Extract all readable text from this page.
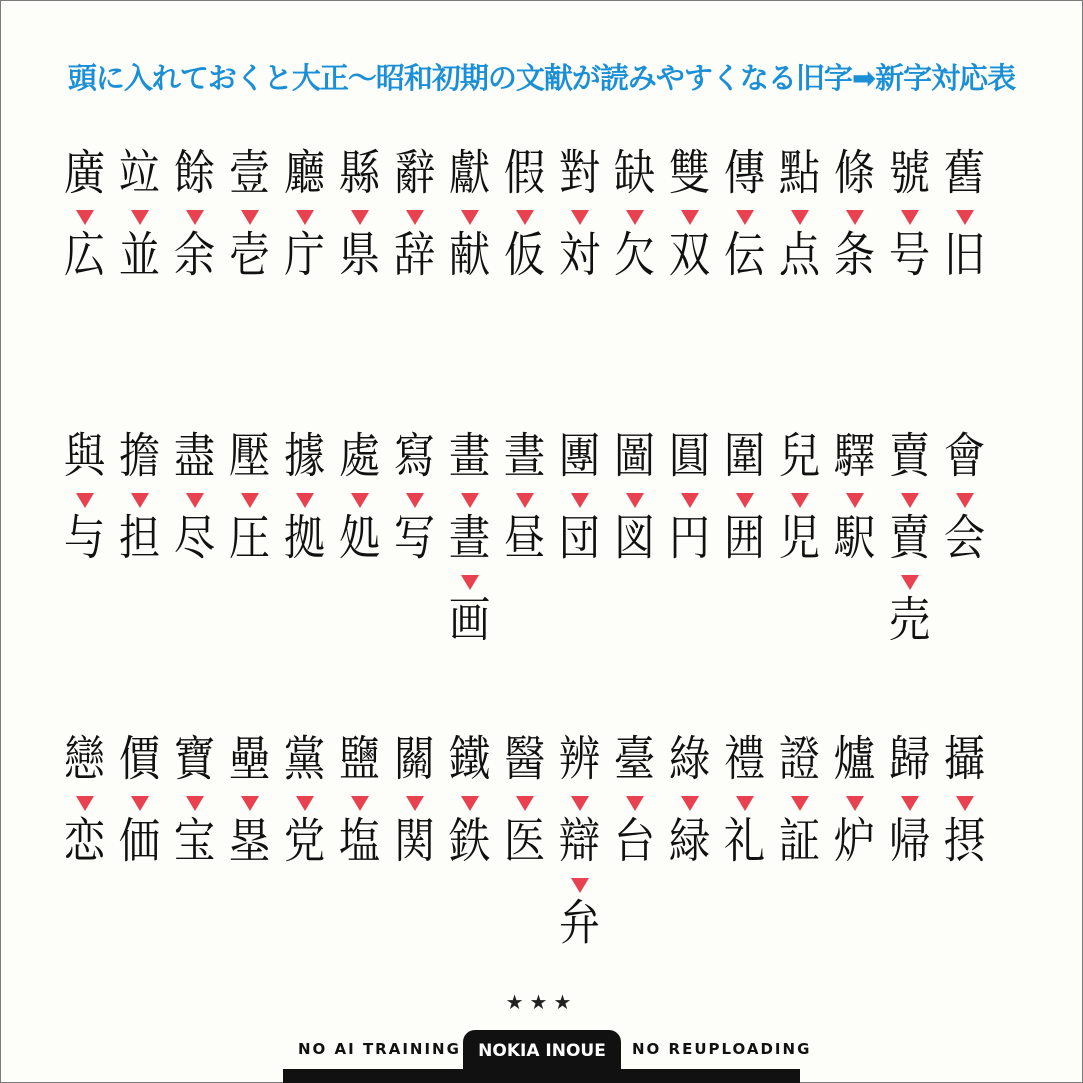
頭に入れておくと大正〜昭和初期の文献が読みやすくなる旧字➡新字対応表
廣
広
竝
並
餘
余
壹
壱
廳
庁
縣
県
辭
辞
獻
献
假
仮
對
対
缺
欠
雙
双
傳
伝
點
点
條
条
號
号
舊
旧
與
与
擔
担
盡
尽
壓
圧
據
拠
處
処
寫
写
畫
晝
画
晝
昼
團
団
圖
図
圓
円
圍
囲
兒
児
驛
駅
賣
賣
売
會
会
戀
恋
價
価
寶
宝
壘
塁
黨
党
鹽
塩
關
関
鐵
鉄
醫
医
辨
辯
弁
臺
台
綠
緑
禮
礼
證
証
爐
炉
歸
帰
攝
摂
★★★
NO AI TRAINING	NOKIA INOUE	NO REUPLOADING
